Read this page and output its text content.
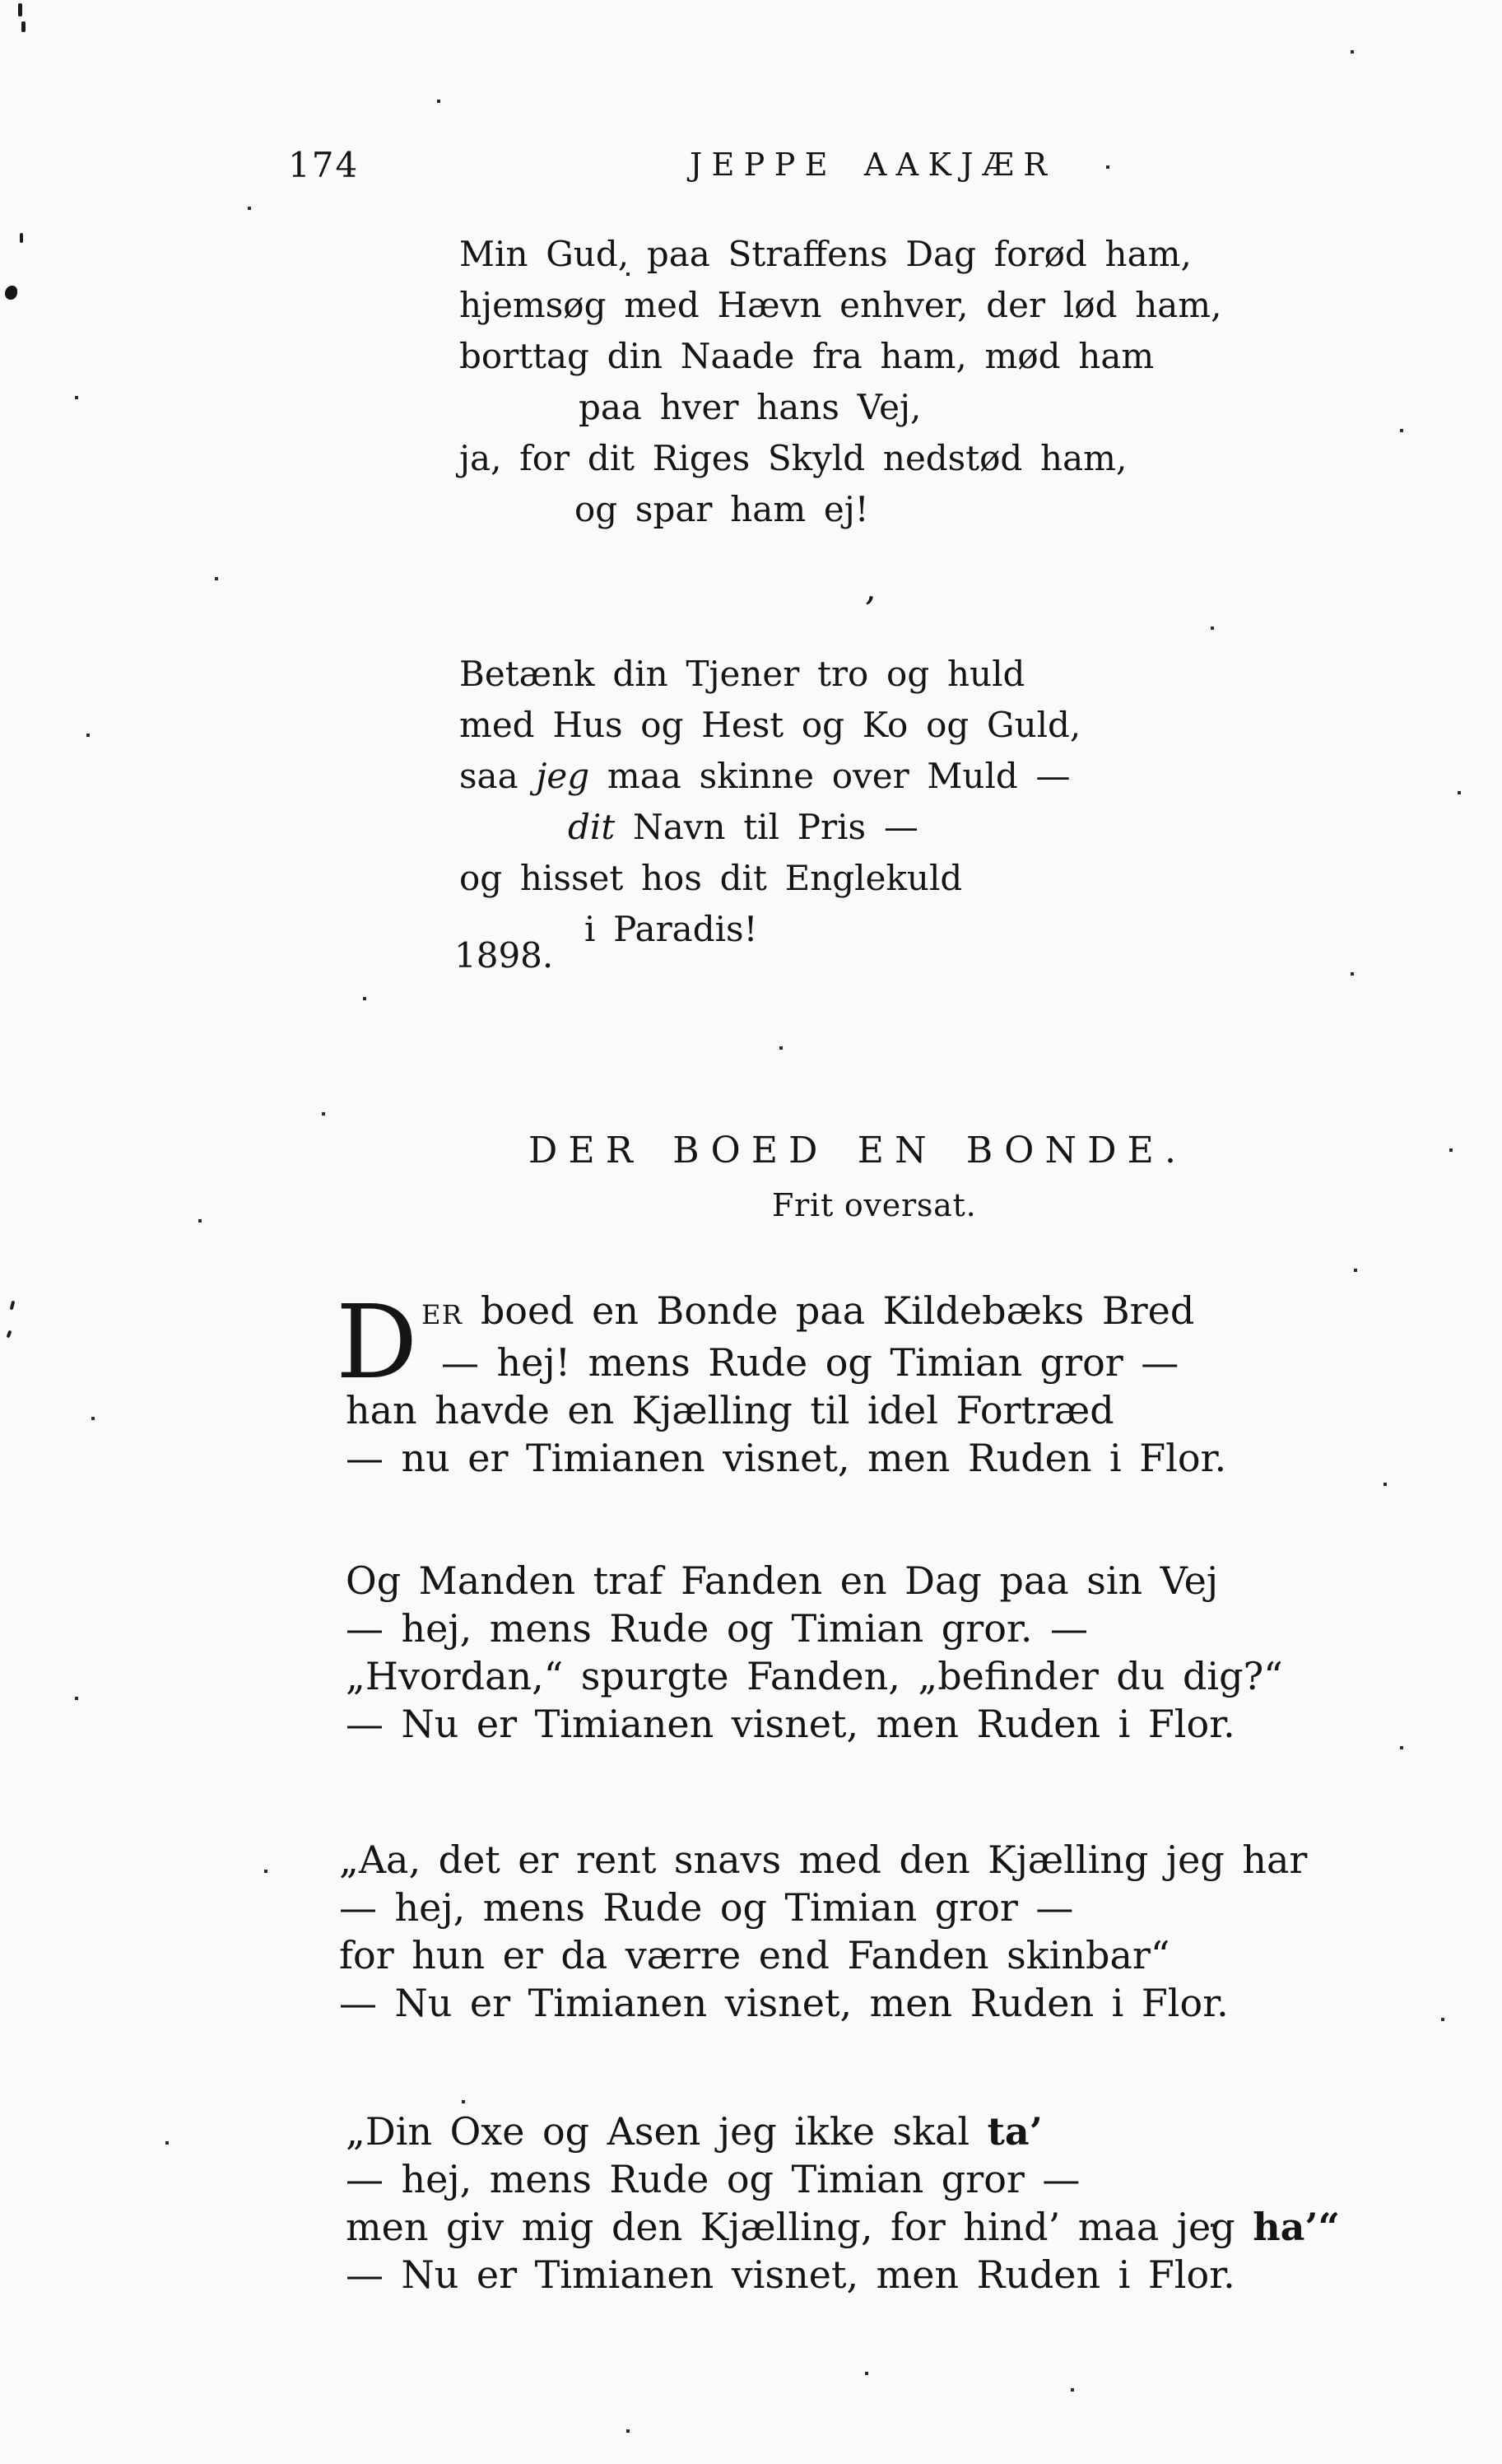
174	JEPPE AAKJÆR
Min Gud, paa Straffens Dag forød ham,
hjemsøg med Hævn enhver, der lød ham,
borttag din Naade fra ham, mød ham
paa hver hans Vej,
ja, for dit Riges Skyld nedstød ham,
og spar ham ej!
’
Betænk din Tjener tro og huld
med Hus og Hest og Ko og Guld,
saa jeg maa skinne over Muld —
dit Navn til Pris —
og hisset hos dit Englekuld
i Paradis!
1898.
DER BOED EN BONDE.
Frit oversat.
D ER boed en Bonde paa Kildebæks Bred
— hej! mens Rude og Timian gror —
han havde en Kjælling til idel Fortræd
— nu er Timianen visnet, men Ruden i Flor.
Og Manden traf Fanden en Dag paa sin Vej
— hej, mens Rude og Timian gror. —
„Hvordan,“ spurgte Fanden, „befinder du dig?“
— Nu er Timianen visnet, men Ruden i Flor.
„Aa, det er rent snavs med den Kjælling jeg har
— hej, mens Rude og Timian gror —
for hun er da værre end Fanden skinbar“
— Nu er Timianen visnet, men Ruden i Flor.
„Din Oxe og Asen jeg ikke skal ta’
— hej, mens Rude og Timian gror —
men giv mig den Kjælling, for hind’ maa jeg ha’“
— Nu er Timianen visnet, men Ruden i Flor.
